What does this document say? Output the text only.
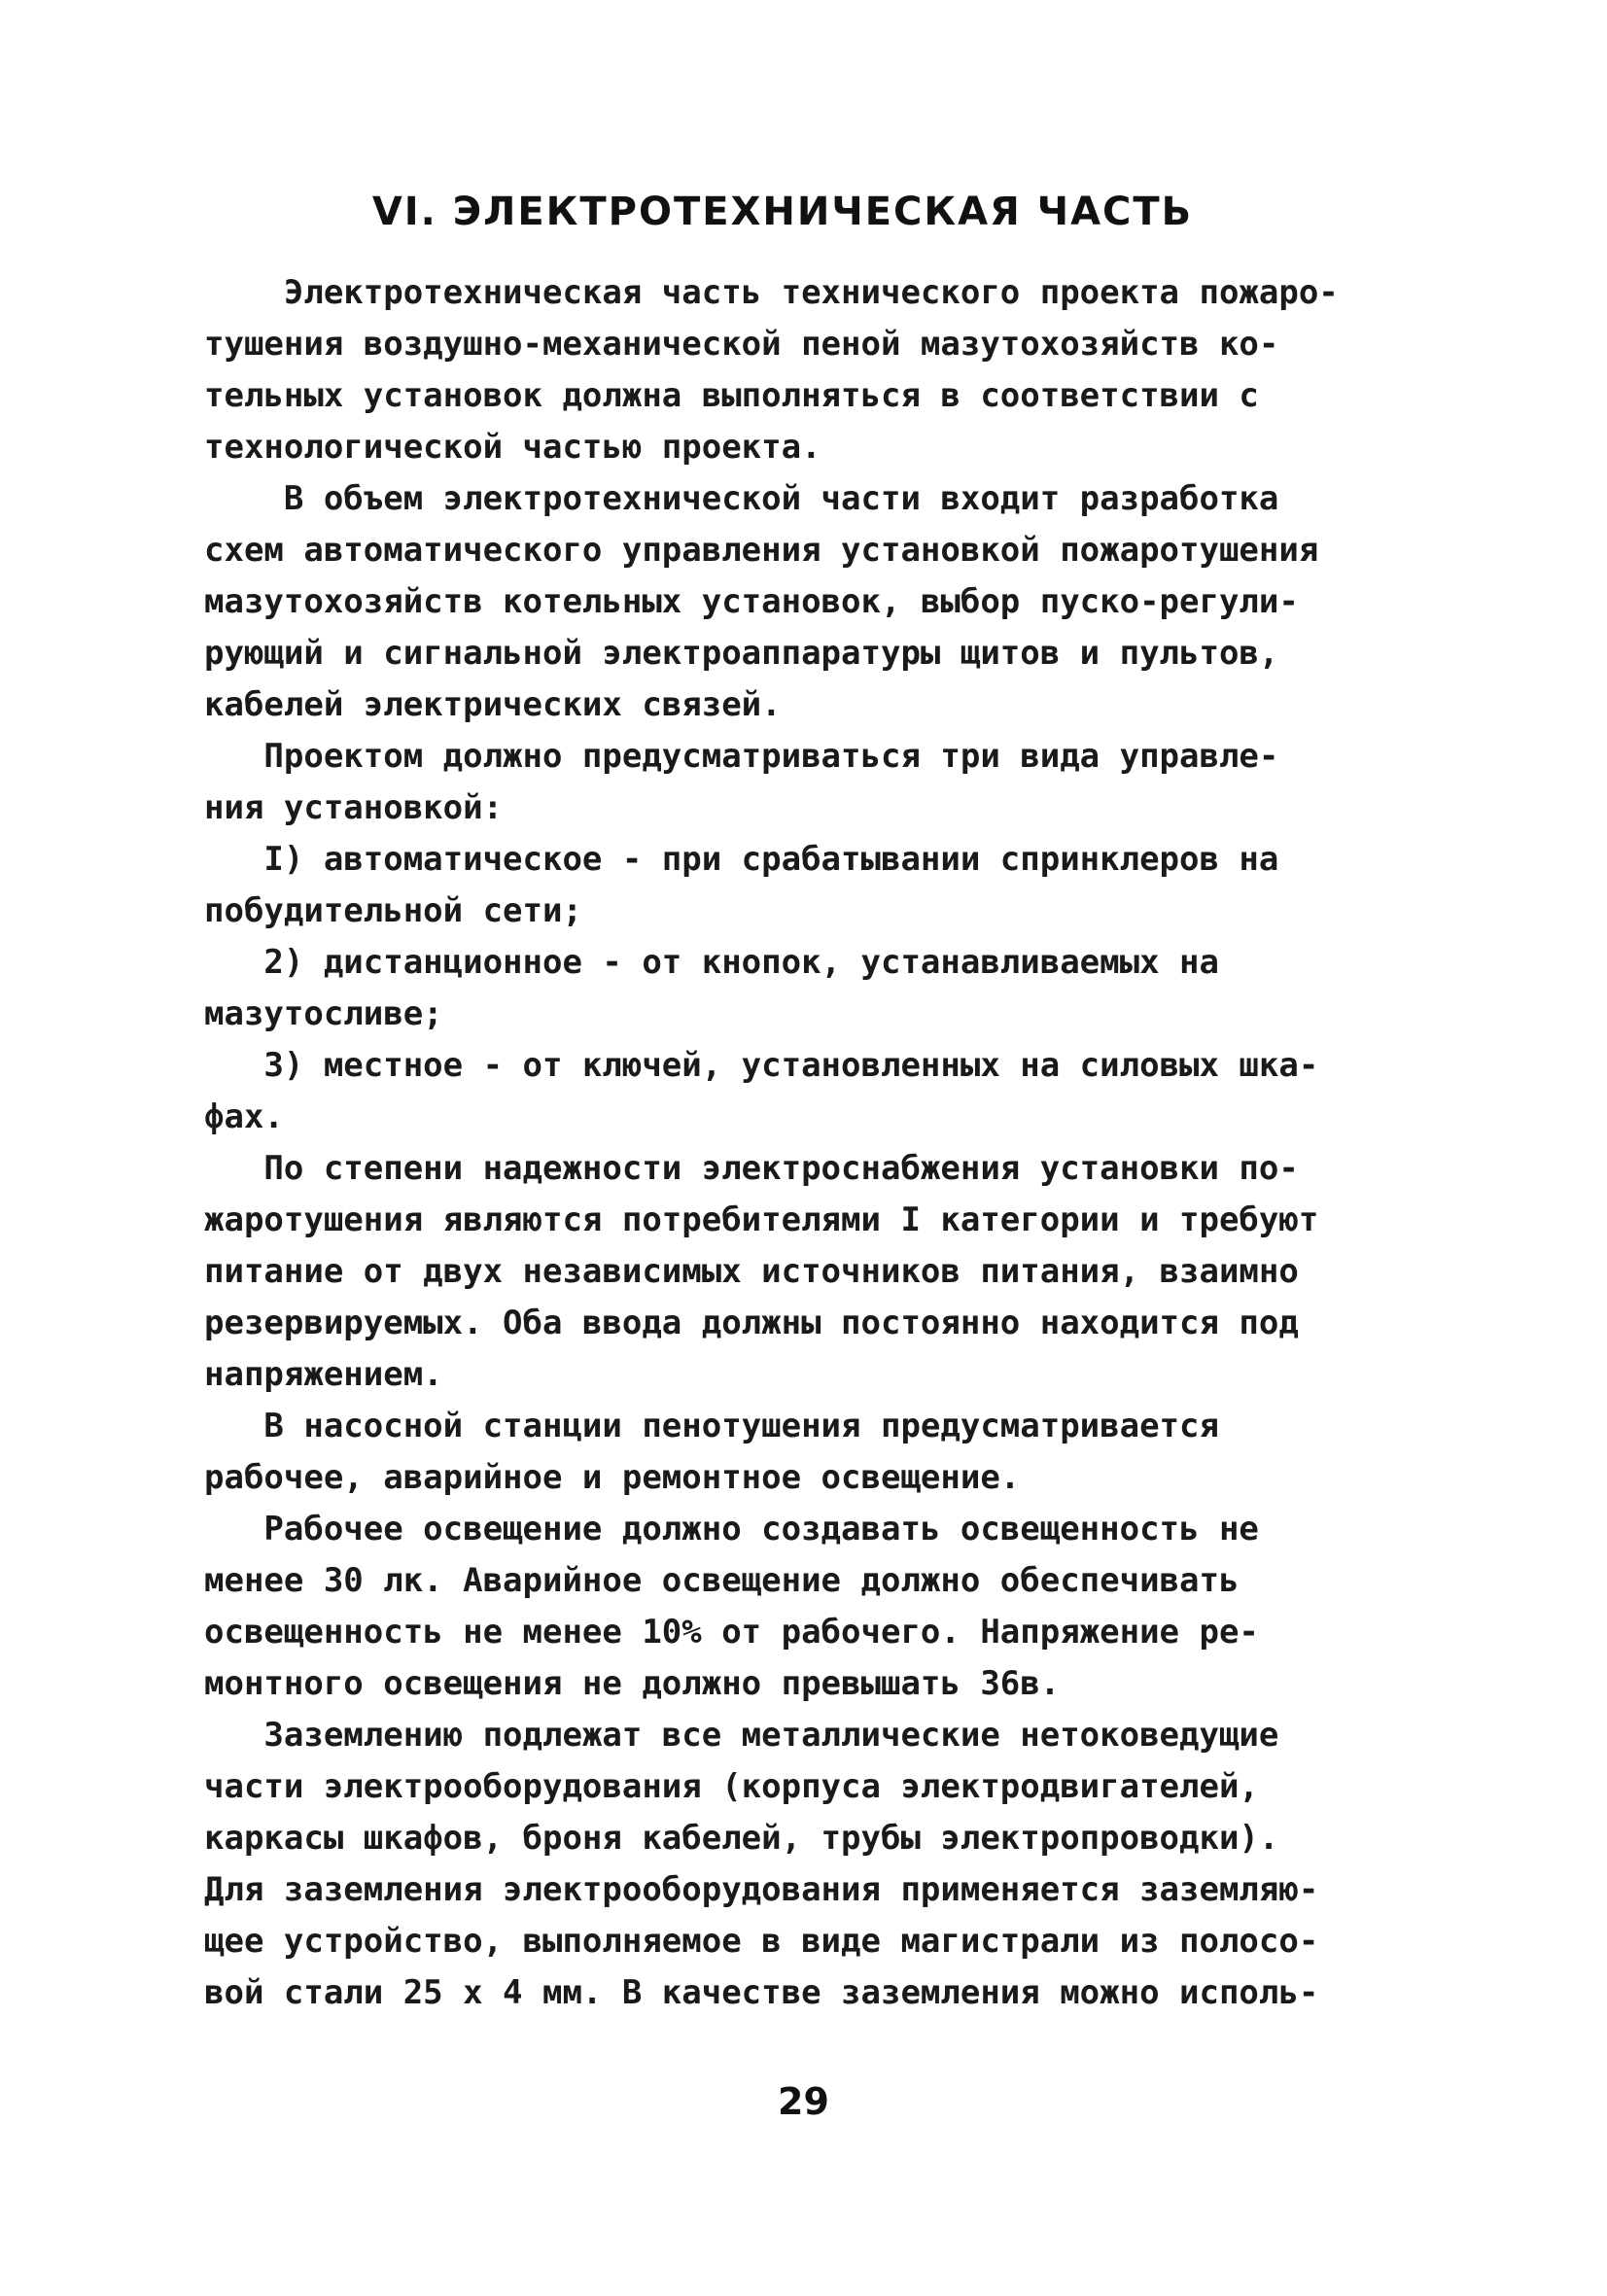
VI. ЭЛЕКТРОТЕХНИЧЕСКАЯ ЧАСТЬ
Электротехническая часть технического проекта пожаро-
тушения воздушно-механической пеной мазутохозяйств ко-
тельных установок должна выполняться в соответствии с
технологической частью проекта.
В объем электротехнической части входит разработка
схем автоматического управления установкой пожаротушения
мазутохозяйств котельных установок, выбор пуско-регули-
рующий и сигнальной электроаппаратуры щитов и пультов,
кабелей электрических связей.
Проектом должно предусматриваться три вида управле-
ния установкой:
I) автоматическое - при срабатывании спринклеров на
побудительной сети;
2) дистанционное - от кнопок, устанавливаемых на
мазутосливе;
3) местное - от ключей, установленных на силовых шка-
фах.
По степени надежности электроснабжения установки по-
жаротушения являются потребителями I категории и требуют
питание от двух независимых источников питания, взаимно
резервируемых. Оба ввода должны постоянно находится под
напряжением.
В насосной станции пенотушения предусматривается
рабочее, аварийное и ремонтное освещение.
Рабочее освещение должно создавать освещенность не
менее 30 лк. Аварийное освещение должно обеспечивать
освещенность не менее 10% от рабочего. Напряжение ре-
монтного освещения не должно превышать 36в.
Заземлению подлежат все металлические нетоковедущие
части электрооборудования (корпуса электродвигателей,
каркасы шкафов, броня кабелей, трубы электропроводки).
Для заземления электрооборудования применяется заземляю-
щее устройство, выполняемое в виде магистрали из полосо-
вой стали 25 х 4 мм. В качестве заземления можно исполь-
29
